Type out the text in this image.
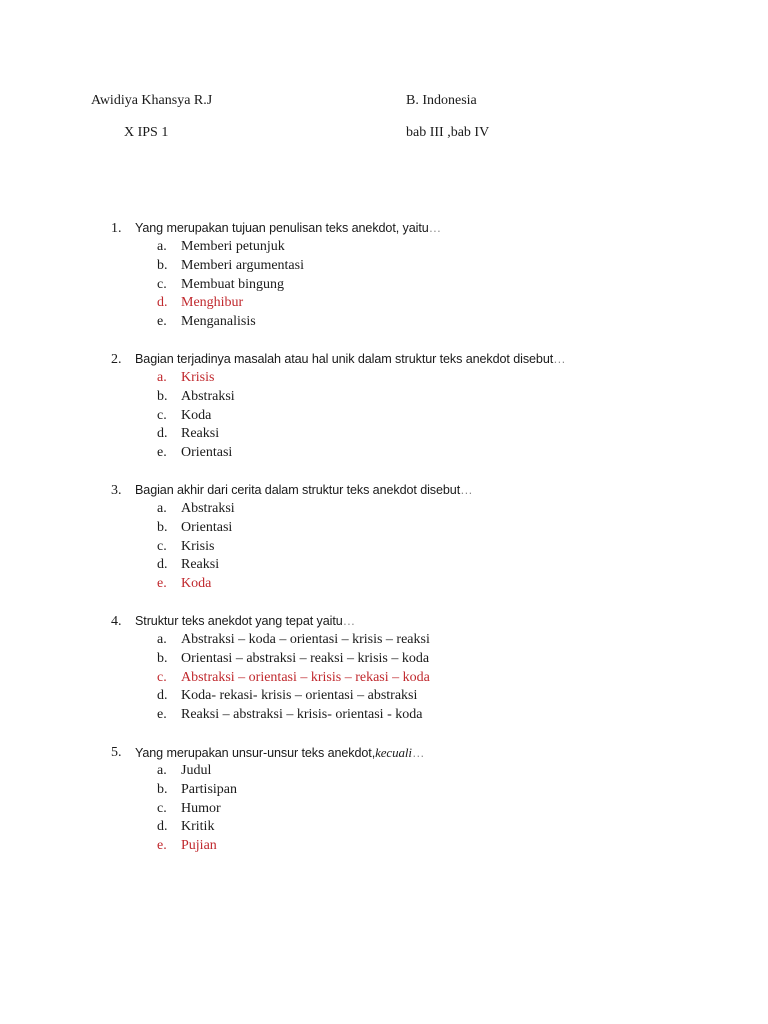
Awidiya Khansya R.J
X IPS 1
B. Indonesia
bab III ,bab IV
1.	Yang merupakan tujuan penulisan teks anekdot, yaitu…
a.	Memberi petunjuk
b. Memberi argumentasi
c.	Membuat bingung
d. Menghibur
e.	Menganalisis
2.	Bagian terjadinya masalah atau hal unik dalam struktur teks anekdot disebut…
a.	Krisis
b. Abstraksi
c.	Koda
d. Reaksi
e.	Orientasi
3.	Bagian akhir dari cerita dalam struktur teks anekdot disebut…
a.	Abstraksi
b. Orientasi
c.	Krisis
d. Reaksi
e.	Koda
4.	Struktur teks anekdot yang tepat yaitu…
a.	Abstraksi – koda – orientasi – krisis – reaksi
b. Orientasi – abstraksi – reaksi – krisis – koda
c.	Abstraksi – orientasi – krisis – rekasi – koda
d. Koda- rekasi- krisis – orientasi – abstraksi
e.	Reaksi – abstraksi – krisis- orientasi - koda
5.	Yang merupakan unsur-unsur teks anekdot,kecuali…
a.	Judul
b. Partisipan
c.	Humor
d. Kritik
e.	Pujian
